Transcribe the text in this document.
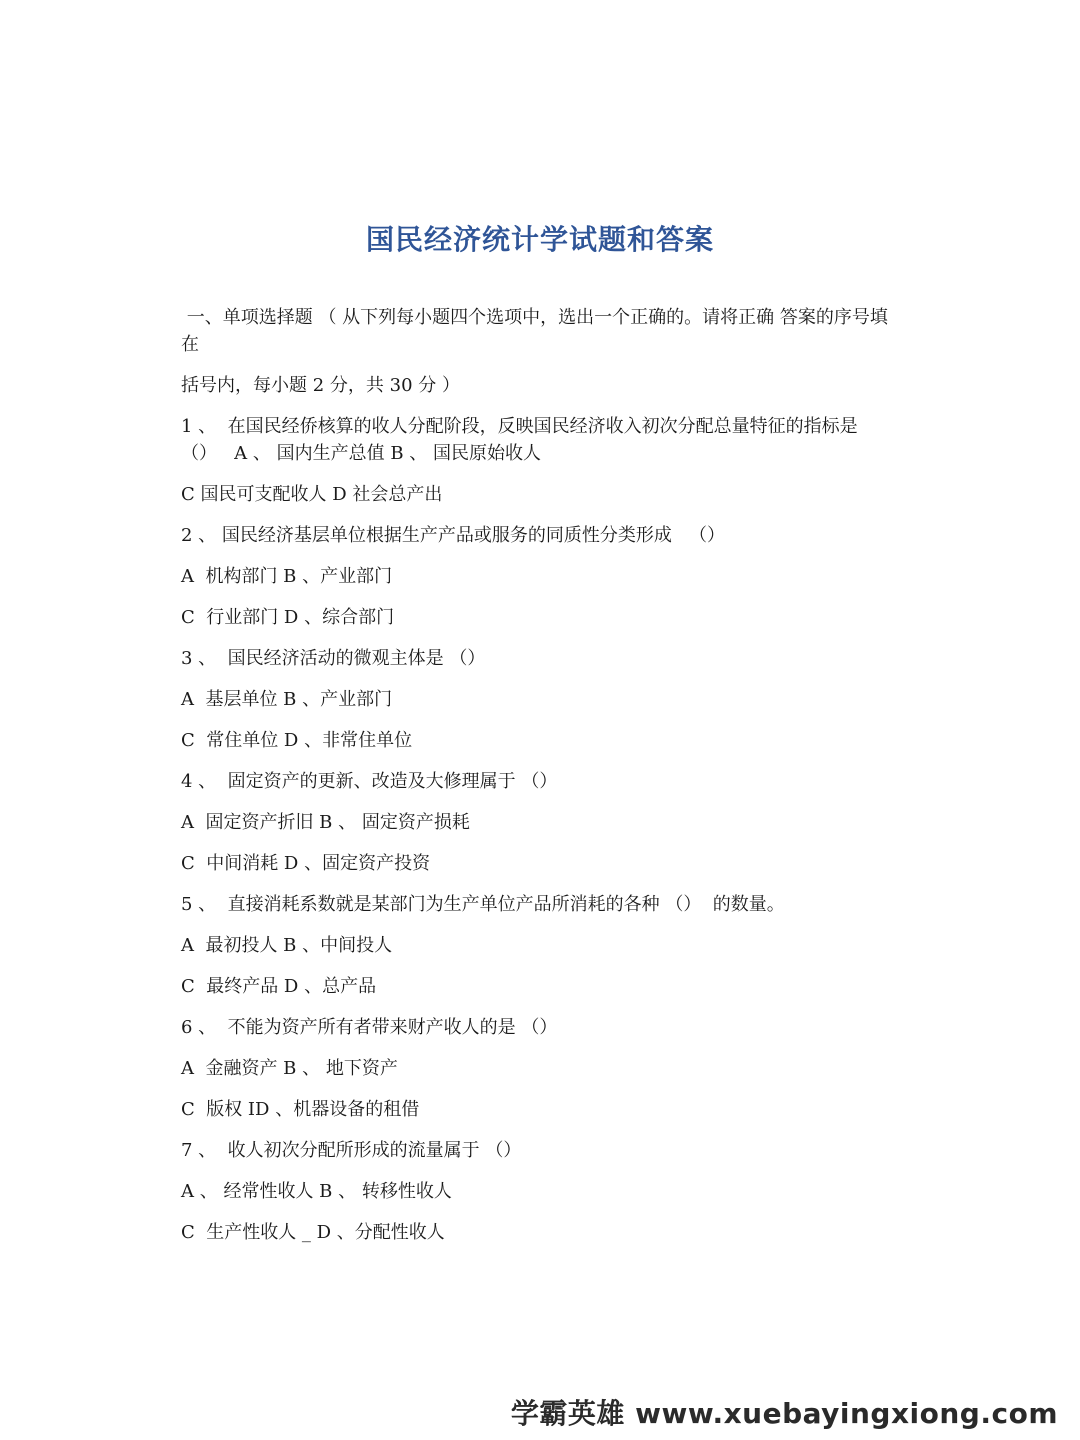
国民经济统计学试题和答案

一、单项选择题 （ 从下列每小题四个选项中，选出一个正确的。请将正确 答案的序号填在

括号内，每小题 2 分，共 30 分 ）

1 、  在国民经侨核算的收人分配阶段，反映国民经济收入初次分配总量特征的指标是 （）   A 、 国内生产总值 B 、 国民原始收人

C 国民可支配收人 D 社会总产出

2 、 国民经济基层单位根据生产产品或服务的同质性分类形成   （）

A  机构部门 B 、产业部门

C  行业部门 D 、综合部门

3 、  国民经济活动的微观主体是 （）

A  基层单位 B 、产业部门

C  常住单位 D 、非常住单位

4 、  固定资产的更新、改造及大修理属于 （）

A  固定资产折旧 B 、 固定资产损耗

C  中间消耗 D 、固定资产投资

5 、  直接消耗系数就是某部门为生产单位产品所消耗的各种 （）  的数量。

A  最初投人 B 、中间投人

C  最终产品 D 、总产品

6 、  不能为资产所有者带来财产收人的是 （）

A  金融资产 B 、 地下资产

C  版权 ID 、机器设备的租借

7 、  收人初次分配所形成的流量属于 （）

A 、 经常性收人 B 、 转移性收人

C  生产性收人 _ D 、分配性收人

学霸英雄 www.xuebayingxiong.com
